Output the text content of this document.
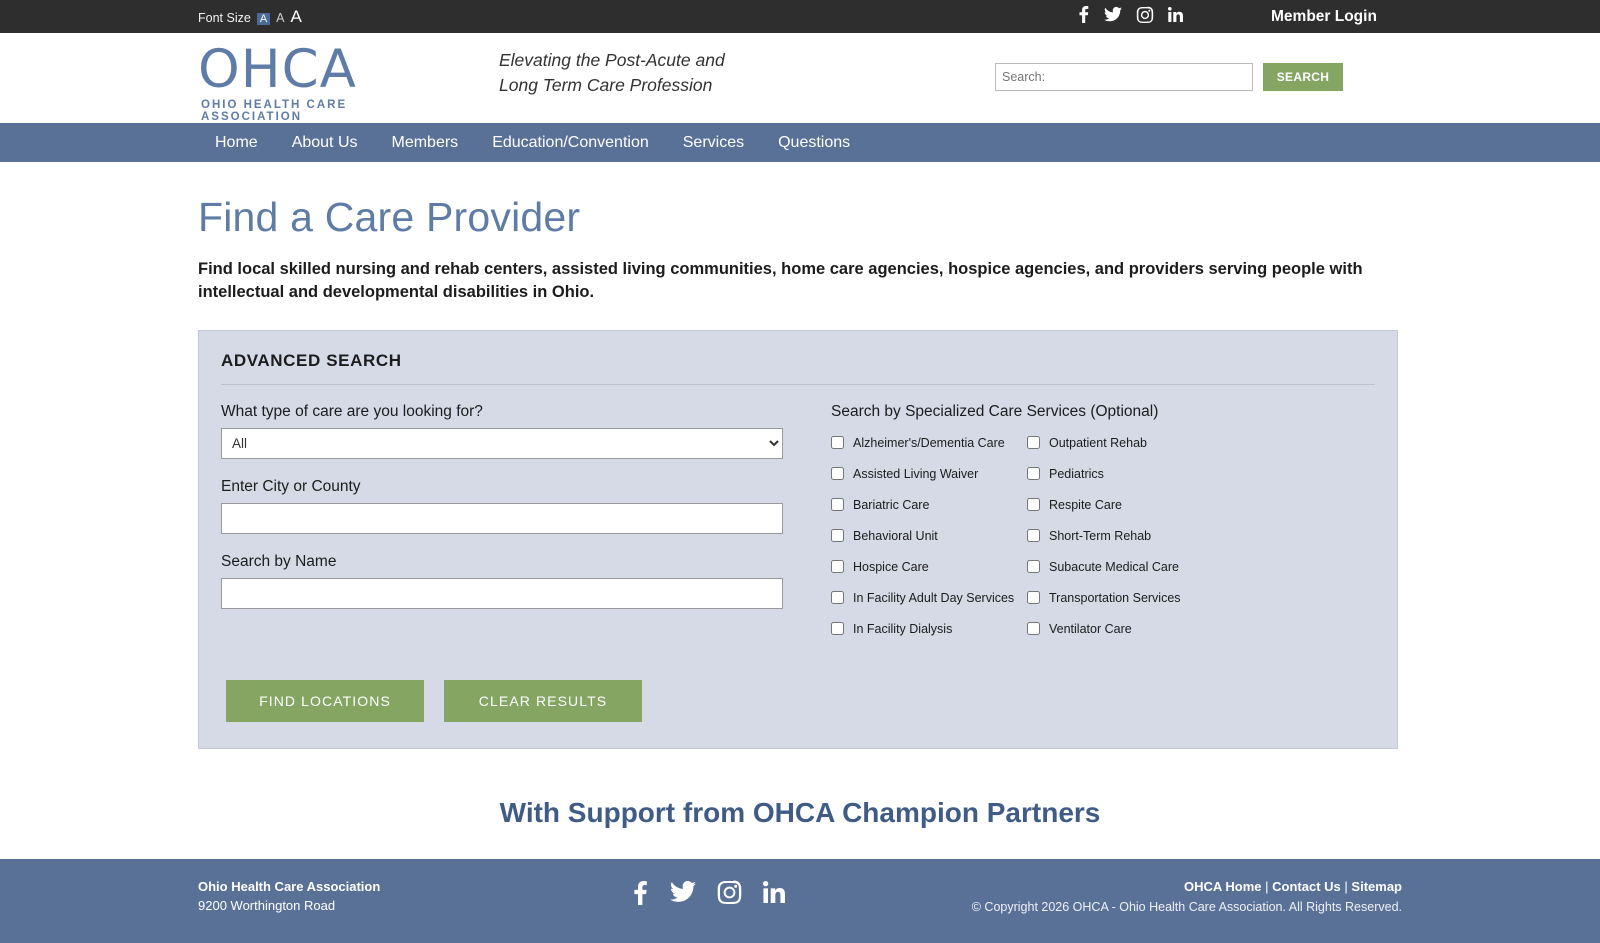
Font Size A A A	Member Login
OHCA
OHIO HEALTH CARE ASSOCIATION
Elevating the Post-Acute and
Long Term Care Profession
Search:	SEARCH
Home	About Us	Members	Education/Convention	Services	Questions
Find a Care Provider

Find local skilled nursing and rehab centers, assisted living communities, home care agencies, hospice agencies, and providers serving people with intellectual and developmental disabilities in Ohio.

ADVANCED SEARCH
What type of care are you looking for?
All
Enter City or County
Search by Name
FIND LOCATIONS	CLEAR RESULTS
Search by Specialized Care Services (Optional)
Alzheimer's/Dementia Care
Assisted Living Waiver
Bariatric Care
Behavioral Unit
Hospice Care
In Facility Adult Day Services
In Facility Dialysis
Outpatient Rehab
Pediatrics
Respite Care
Short-Term Rehab
Subacute Medical Care
Transportation Services
Ventilator Care
With Support from OHCA Champion Partners
Ohio Health Care Association
9200 Worthington Road
OHCA Home | Contact Us | Sitemap
© Copyright 2026 OHCA - Ohio Health Care Association. All Rights Reserved.
